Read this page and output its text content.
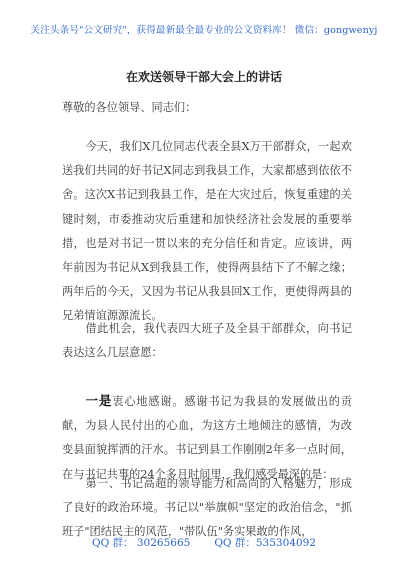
关注头条号"公文研究"，获得最新最全最专业的公文资料库！ 微信：gongwenyj
在欢送领导干部大会上的讲话
尊敬的各位领导、同志们：

今天，我们X几位同志代表全县X万干部群众，一起欢送我们共同的好书记X同志到我县工作，大家都感到依依不舍。这次X书记到我县工作，是在大灾过后，恢复重建的关键时刻，市委推动灾后重建和加快经济社会发展的重要举措，也是对书记一贯以来的充分信任和肯定。应该讲，两年前因为书记从X到我县工作，使得两县结下了不解之缘；两年后的今天，又因为书记从我县回X工作，更使得两县的兄弟情谊源源流长。

借此机会，我代表四大班子及全县干部群众，向书记表达这么几层意愿：

一是衷心地感谢。感谢书记为我县的发展做出的贡献，为县人民付出的心血，为这方土地倾注的感情，为改变县面貌挥洒的汗水。书记到县工作刚刚2年多一点时间，在与书记共事的24个多月时间里，我们感受最深的是：

第一、书记高超的领导能力和高尚的人格魅力，形成了良好的政治环境。书记以"举旗帜"坚定的政治信念，"抓班子"团结民主的风范，"带队伍"务实果敢的作风，

QQ 群： 30265665 QQ 群：535304092
